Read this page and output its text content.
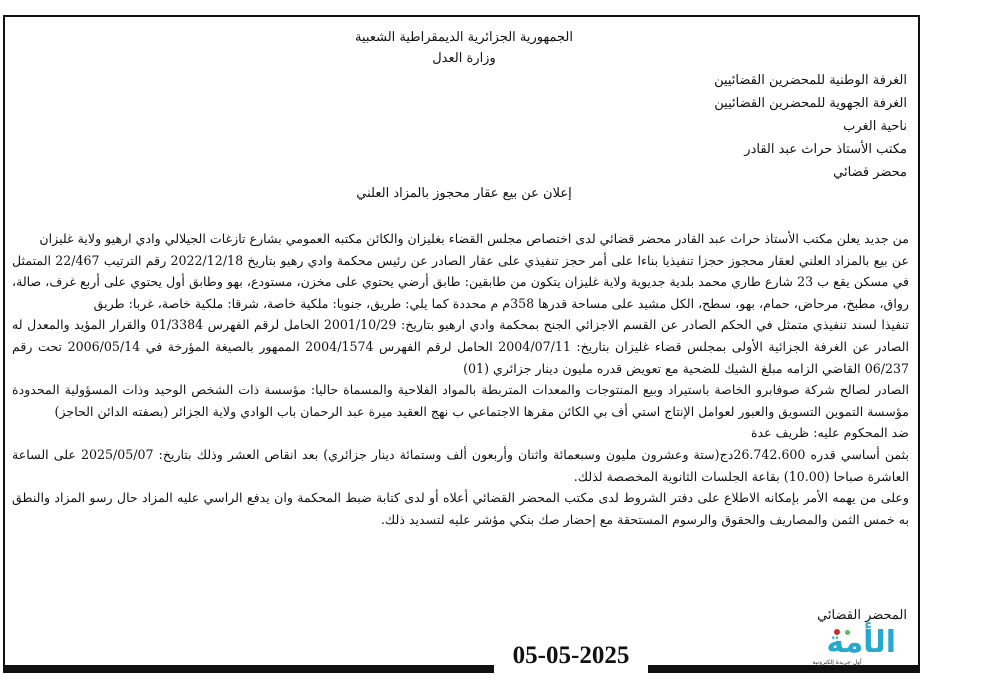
الجمهورية الجزائرية الديمقراطية الشعبية
وزارة العدل
الغرفة الوطنية للمحضرين القضائيين
الغرفة الجهوية للمحضرين القضائيين
ناحية الغرب
مكتب الأستاذ حراث عبد القادر
محضر قضائي
إعلان عن بيع عقار محجوز بالمزاد العلني

من جديد يعلن مكتب الأستاذ حراث عبد القادر محضر قضائي لدى اختصاص مجلس القضاء بغليزان والكائن مكتبه العمومي بشارع تازغات الجيلالي وادي ارهيو ولاية غليزان

عن بيع بالمزاد العلني لعقار محجوز حجزا تنفيذيا بناءا على أمر حجز تنفيذي على عقار الصادر عن رئيس محكمة وادي رهيو بتاريخ 2022/12/18 رقم الترتيب 22/467 المتمثل في مسكن يقع ب 23 شارع طاري محمد بلدية جديوية ولاية غليزان يتكون من طابقين: طابق أرضي يحتوي على مخزن، مستودع، بهو وطابق أول يحتوي على أربع غرف، صالة، رواق، مطبخ، مرحاض، حمام، بهو، سطح، الكل مشيد على مساحة قدرها 358م م محددة كما يلي: طريق، جنوبا: ملكية خاصة، شرقا: ملكية خاصة، غربا: طريق

تنفيذا لسند تنفيذي متمثل في الحكم الصادر عن القسم الاجزائي الجنح بمحكمة وادي ارهيو بتاريخ: 2001/10/29 الحامل لرقم الفهرس 01/3384 والقرار المؤيد والمعدل له الصادر عن الغرفة الجزائية الأولى بمجلس قضاء غليزان بتاريخ: 2004/07/11 الحامل لرقم الفهرس 2004/1574 الممهور بالصيغة المؤرخة في 2006/05/14 تحت رقم 06/237 القاضي الزامه مبلغ الشيك للضحية مع تعويض قدره مليون دينار جزائري (01)

الصادر لصالح شركة صوفابرو الخاصة باستيراد وبيع المنتوجات والمعدات المتربطة بالمواد الفلاحية والمسماة حاليا: مؤسسة ذات الشخص الوحيد وذات المسؤولية المحدودة مؤسسة التموين التسويق والعبور لعوامل الإنتاج استي أف بي الكائن مقرها الاجتماعي ب نهج العقيد ميرة عبد الرحمان باب الوادي ولاية الجزائر (بصفته الدائن الحاجز)

ضد المحكوم عليه: ظريف عدة

بثمن أساسي قدره 26.742.600دج(ستة وعشرون مليون وسبعمائة واثنان وأربعون ألف وستمائة دينار جزائري) بعد انقاص العشر وذلك بتاريخ: 2025/05/07 على الساعة العاشرة صباحا (10.00) بقاعة الجلسات الثانوية المخصصة لذلك.

وعلى من يهمه الأمر بإمكانه الاطلاع على دفتر الشروط لدى مكتب المحضر القضائي أعلاه أو لدى كتابة ضبط المحكمة وان يدفع الراسي عليه المزاد حال رسو المزاد والنطق به خمس الثمن والمصاريف والحقوق والرسوم المستحقة مع إحضار صك بنكي مؤشر عليه لتسديد ذلك.

المحضر القضائي
05-05-2025	الأمة
أول جريدة إلكترونية
